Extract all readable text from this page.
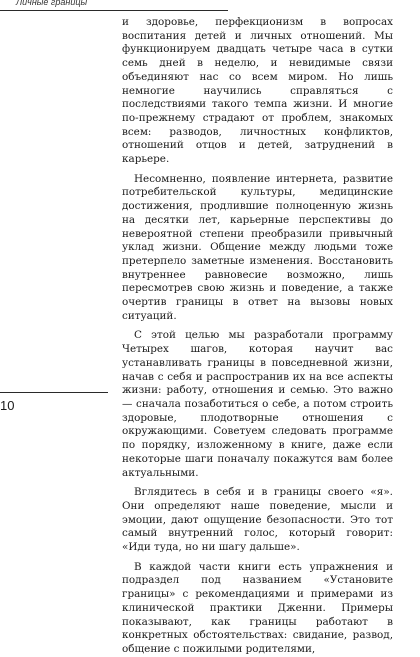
Личные границы

и здоровье, перфекционизм в вопросах воспитания детей и личных отношений. Мы функционируем двадцать четыре часа в сутки семь дней в неделю, и невидимые связи объединяют нас со всем миром. Но лишь немногие научились справляться с последствиями такого темпа жизни. И многие по-прежнему страдают от проблем, знакомых всем: разводов, личностных конфликтов, отношений отцов и детей, затруднений в карьере.

Несомненно, появление интернета, развитие потребительской культуры, медицинские достижения, продлившие полноценную жизнь на десятки лет, карьерные перспективы до невероятной степени преобразили привычный уклад жизни. Общение между людьми тоже претерпело заметные изменения. Восстановить внутреннее равновесие возможно, лишь пересмотрев свою жизнь и поведение, а также очертив границы в ответ на вызовы новых ситуаций.

С этой целью мы разработали программу Четырех шагов, которая научит вас устанавливать границы в повседневной жизни, начав с себя и распространив их на все аспекты жизни: работу, отношения и семью. Это важно — сначала позаботиться о себе, а потом строить здоровые, плодотворные отношения с окружающими. Советуем следовать программе по порядку, изложенному в книге, даже если некоторые шаги поначалу покажутся вам более актуальными.

Вглядитесь в себя и в границы своего «я». Они определяют наше поведение, мысли и эмоции, дают ощущение безопасности. Это тот самый внутренний голос, который говорит: «Иди туда, но ни шагу дальше».

В каждой части книги есть упражнения и подраздел под названием «Установите границы» с рекомендациями и примерами из клинической практики Дженни. Примеры показывают, как границы работают в конкретных обстоятельствах: свидание, развод, общение с пожилыми родителями,

10
